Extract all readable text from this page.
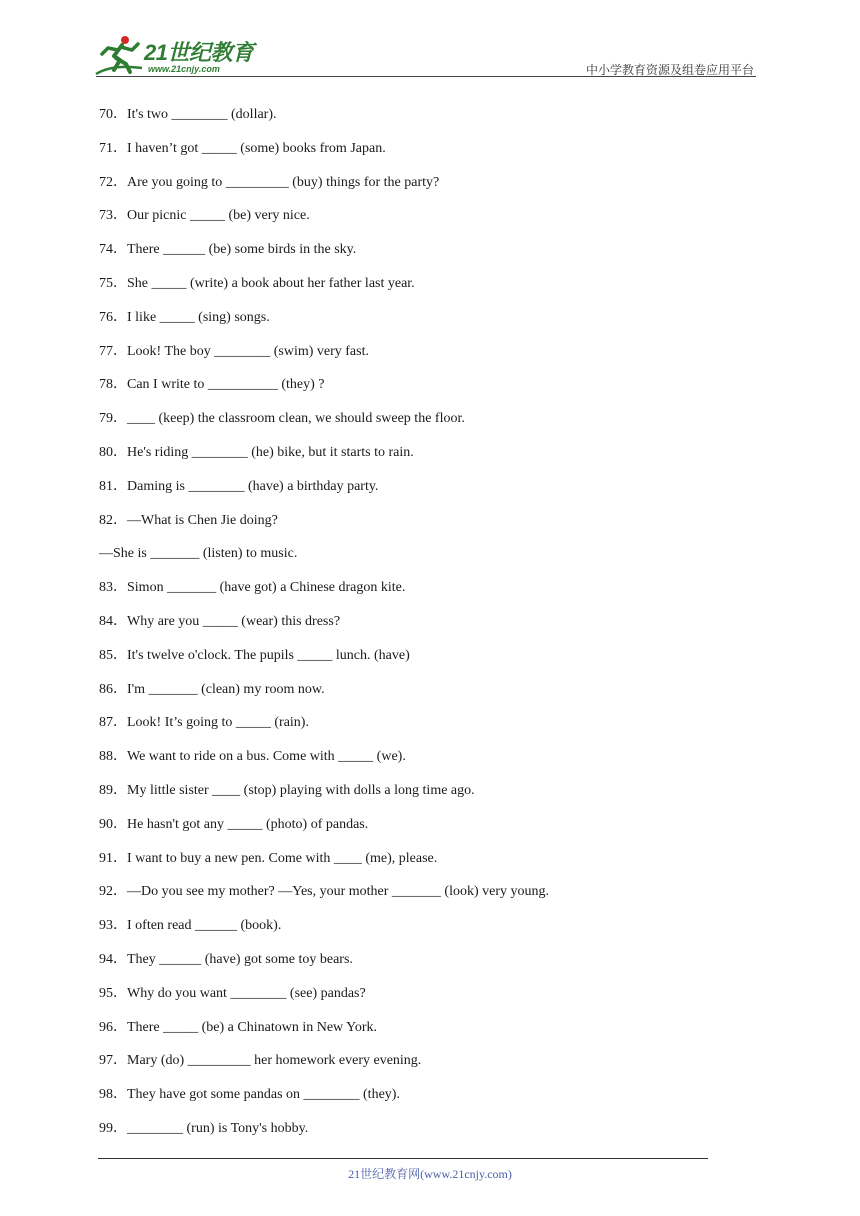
21世纪教育
www.21cnjy.com	中小学教育资源及组卷应用平台
70．It's two ________ (dollar).
71．I haven’t got _____ (some) books from Japan.
72．Are you going to _________ (buy) things for the party?
73．Our picnic _____ (be) very nice.
74．There ______ (be) some birds in the sky.
75．She _____ (write) a book about her father last year.
76．I like _____ (sing) songs.
77．Look! The boy ________ (swim) very fast.
78．Can I write to __________ (they) ?
79．____ (keep) the classroom clean, we should sweep the floor.
80．He's riding ________ (he) bike, but it starts to rain.
81．Daming is ________ (have) a birthday party.
82．—What is Chen Jie doing?
—She is _______ (listen) to music.
83．Simon _______ (have got) a Chinese dragon kite.
84．Why are you _____ (wear) this dress?
85．It's twelve o'clock. The pupils _____ lunch. (have)
86．I'm _______ (clean) my room now.
87．Look! It’s going to _____ (rain).
88．We want to ride on a bus. Come with _____ (we).
89．My little sister ____ (stop) playing with dolls a long time ago.
90．He hasn't got any _____ (photo) of pandas.
91．I want to buy a new pen. Come with ____ (me), please.
92．—Do you see my mother? —Yes, your mother _______ (look) very young.
93．I often read ______ (book).
94．They ______ (have) got some toy bears.
95．Why do you want ________ (see) pandas?
96．There _____ (be) a Chinatown in New York.
97．Mary (do) _________ her homework every evening.
98．They have got some pandas on ________ (they).
99．________ (run) is Tony's hobby.
21世纪教育网(www.21cnjy.com)
